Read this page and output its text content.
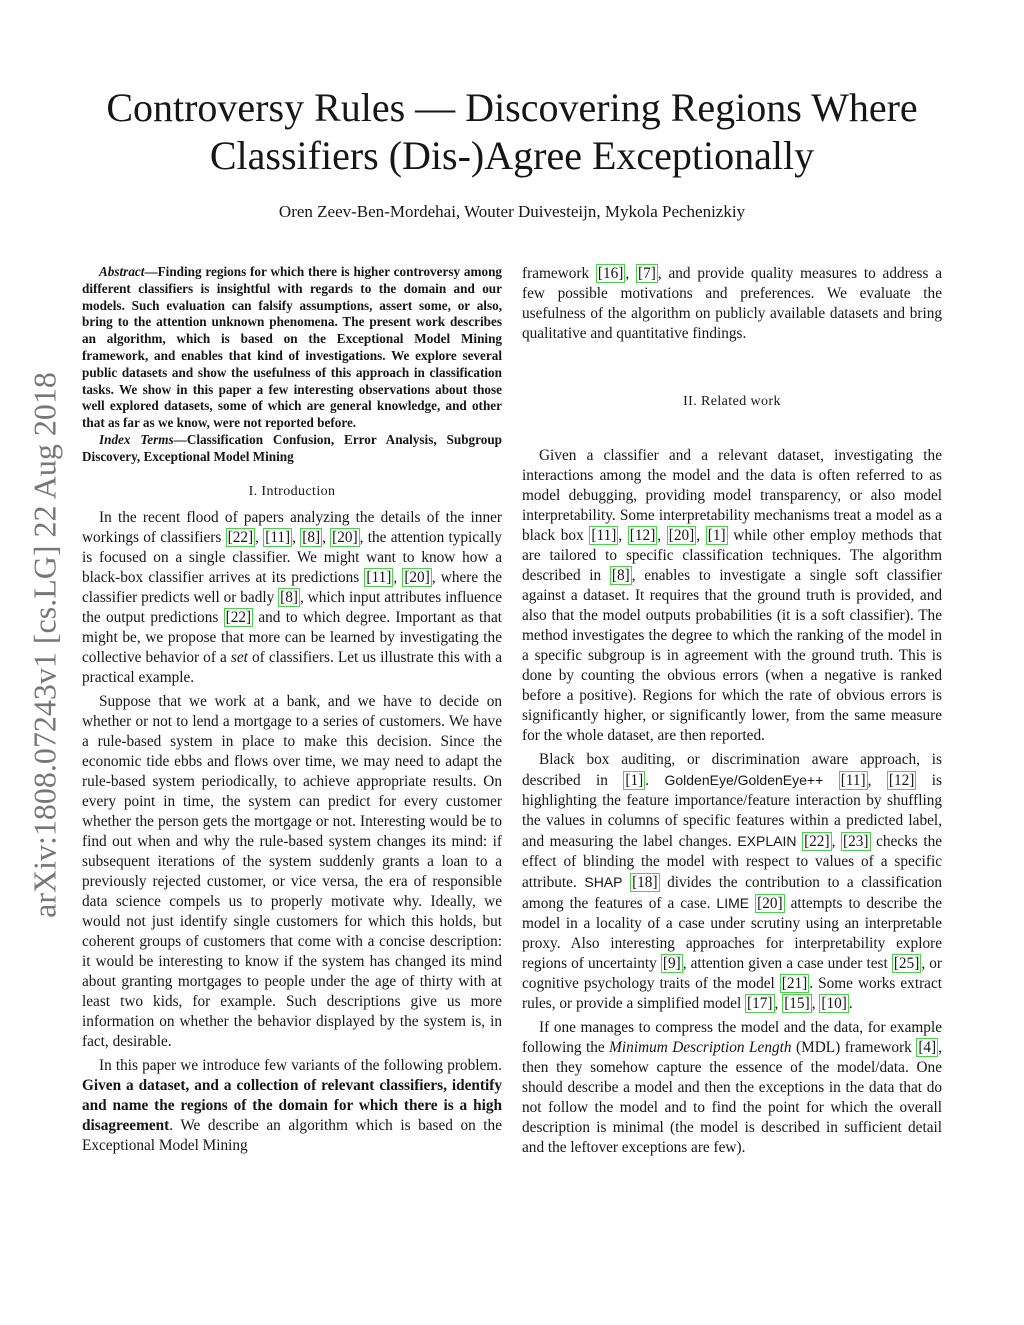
arXiv:1808.07243v1 [cs.LG] 22 Aug 2018
Controversy Rules — Discovering Regions Where
Classifiers (Dis-)Agree Exceptionally
Oren Zeev-Ben-Mordehai, Wouter Duivesteijn, Mykola Pechenizkiy

Abstract—Finding regions for which there is higher controversy among different classifiers is insightful with regards to the domain and our models. Such evaluation can falsify assumptions, assert some, or also, bring to the attention unknown phenomena. The present work describes an algorithm, which is based on the Exceptional Model Mining framework, and enables that kind of investigations. We explore several public datasets and show the usefulness of this approach in classification tasks. We show in this paper a few interesting observations about those well explored datasets, some of which are general knowledge, and other that as far as we know, were not reported before.

Index Terms—Classification Confusion, Error Analysis, Subgroup Discovery, Exceptional Model Mining

I. Introduction

In the recent flood of papers analyzing the details of the inner workings of classifiers [22] , [11] , [8] , [20] , the attention typically is focused on a single classifier. We might want to know how a black-box classifier arrives at its predictions [11] , [20] , where the classifier predicts well or badly [8] , which input attributes influence the output predictions [22] and to which degree. Important as that might be, we propose that more can be learned by investigating the collective behavior of a set of classifiers. Let us illustrate this with a practical example.

Suppose that we work at a bank, and we have to decide on whether or not to lend a mortgage to a series of customers. We have a rule-based system in place to make this decision. Since the economic tide ebbs and flows over time, we may need to adapt the rule-based system periodically, to achieve appropriate results. On every point in time, the system can predict for every customer whether the person gets the mortgage or not. Interesting would be to find out when and why the rule-based system changes its mind: if subsequent iterations of the system suddenly grants a loan to a previously rejected customer, or vice versa, the era of responsible data science compels us to properly motivate why. Ideally, we would not just identify single customers for which this holds, but coherent groups of customers that come with a concise description: it would be interesting to know if the system has changed its mind about granting mortgages to people under the age of thirty with at least two kids, for example. Such descriptions give us more information on whether the behavior displayed by the system is, in fact, desirable.

In this paper we introduce few variants of the following problem. Given a dataset, and a collection of relevant classifiers, identify and name the regions of the domain for which there is a high disagreement. We describe an algorithm which is based on the Exceptional Model Mining

framework [16] , [7] , and provide quality measures to address a few possible motivations and preferences. We evaluate the usefulness of the algorithm on publicly available datasets and bring qualitative and quantitative findings.

II. Related work

Given a classifier and a relevant dataset, investigating the interactions among the model and the data is often referred to as model debugging, providing model transparency, or also model interpretability. Some interpretability mechanisms treat a model as a black box [11] , [12] , [20] , [1] while other employ methods that are tailored to specific classification techniques. The algorithm described in [8] , enables to investigate a single soft classifier against a dataset. It requires that the ground truth is provided, and also that the model outputs probabilities (it is a soft classifier). The method investigates the degree to which the ranking of the model in a specific subgroup is in agreement with the ground truth. This is done by counting the obvious errors (when a negative is ranked before a positive). Regions for which the rate of obvious errors is significantly higher, or significantly lower, from the same measure for the whole dataset, are then reported.

Black box auditing, or discrimination aware approach, is described in [1] . GoldenEye/GoldenEye++ [11] , [12] is highlighting the feature importance/feature interaction by shuffling the values in columns of specific features within a predicted label, and measuring the label changes. EXPLAIN [22] , [23] checks the effect of blinding the model with respect to values of a specific attribute. SHAP [18] divides the contribution to a classification among the features of a case. LIME [20] attempts to describe the model in a locality of a case under scrutiny using an interpretable proxy. Also interesting approaches for interpretability explore regions of uncertainty [9] , attention given a case under test [25] , or cognitive psychology traits of the model [21] . Some works extract rules, or provide a simplified model [17] , [15] , [10] .

If one manages to compress the model and the data, for example following the Minimum Description Length (MDL) framework [4] , then they somehow capture the essence of the model/data. One should describe a model and then the exceptions in the data that do not follow the model and to find the point for which the overall description is minimal (the model is described in sufficient detail and the leftover exceptions are few).
